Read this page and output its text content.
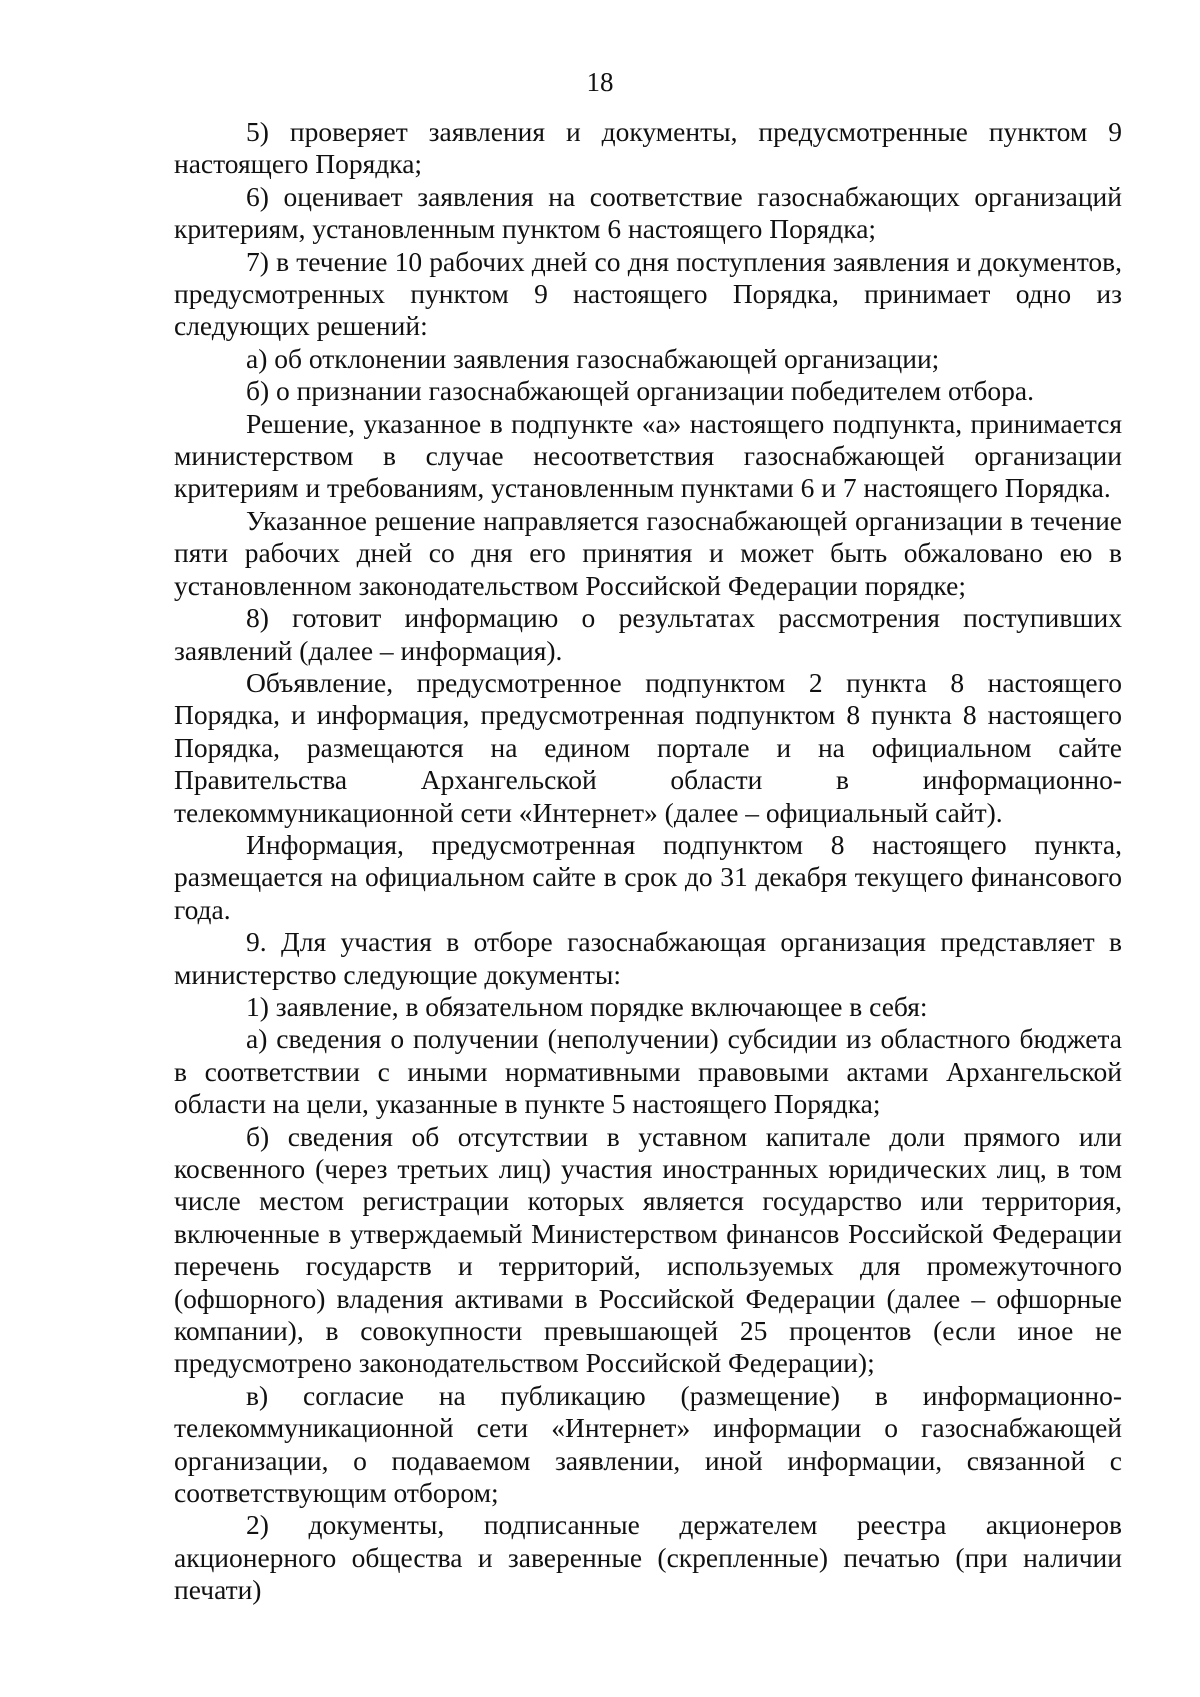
18

5) проверяет заявления и документы, предусмотренные пунктом 9 настоящего Порядка;

6) оценивает заявления на соответствие газоснабжающих организаций критериям, установленным пунктом 6 настоящего Порядка;

7) в течение 10 рабочих дней со дня поступления заявления и документов, предусмотренных пунктом 9 настоящего Порядка, принимает одно из следующих решений:

а) об отклонении заявления газоснабжающей организации;

б) о признании газоснабжающей организации победителем отбора.

Решение, указанное в подпункте «а» настоящего подпункта, принимается министерством в случае несоответствия газоснабжающей организации критериям и требованиям, установленным пунктами 6 и 7 настоящего Порядка.

Указанное решение направляется газоснабжающей организации в течение пяти рабочих дней со дня его принятия и может быть обжаловано ею в установленном законодательством Российской Федерации порядке;

8) готовит информацию о результатах рассмотрения поступивших заявлений (далее – информация).

Объявление, предусмотренное подпунктом 2 пункта 8 настоящего Порядка, и информация, предусмотренная подпунктом 8 пункта 8 настоящего Порядка, размещаются на едином портале и на официальном сайте Правительства Архангельской области в информационно-телекоммуникационной сети «Интернет» (далее – официальный сайт).

Информация, предусмотренная подпунктом 8 настоящего пункта, размещается на официальном сайте в срок до 31 декабря текущего финансового года.

9. Для участия в отборе газоснабжающая организация представляет в министерство следующие документы:

1) заявление, в обязательном порядке включающее в себя:

а) сведения о получении (неполучении) субсидии из областного бюджета в соответствии с иными нормативными правовыми актами Архангельской области на цели, указанные в пункте 5 настоящего Порядка;

б) сведения об отсутствии в уставном капитале доли прямого или косвенного (через третьих лиц) участия иностранных юридических лиц, в том числе местом регистрации которых является государство или территория, включенные в утверждаемый Министерством финансов Российской Федерации перечень государств и территорий, используемых для промежуточного (офшорного) владения активами в Российской Федерации (далее – офшорные компании), в совокупности превышающей 25 процентов (если иное не предусмотрено законодательством Российской Федерации);

в) согласие на публикацию (размещение) в информационно-телекоммуникационной сети «Интернет» информации о газоснабжающей организации, о подаваемом заявлении, иной информации, связанной с соответствующим отбором;

2) документы, подписанные держателем реестра акционеров акционерного общества и заверенные (скрепленные) печатью (при наличии печати)
